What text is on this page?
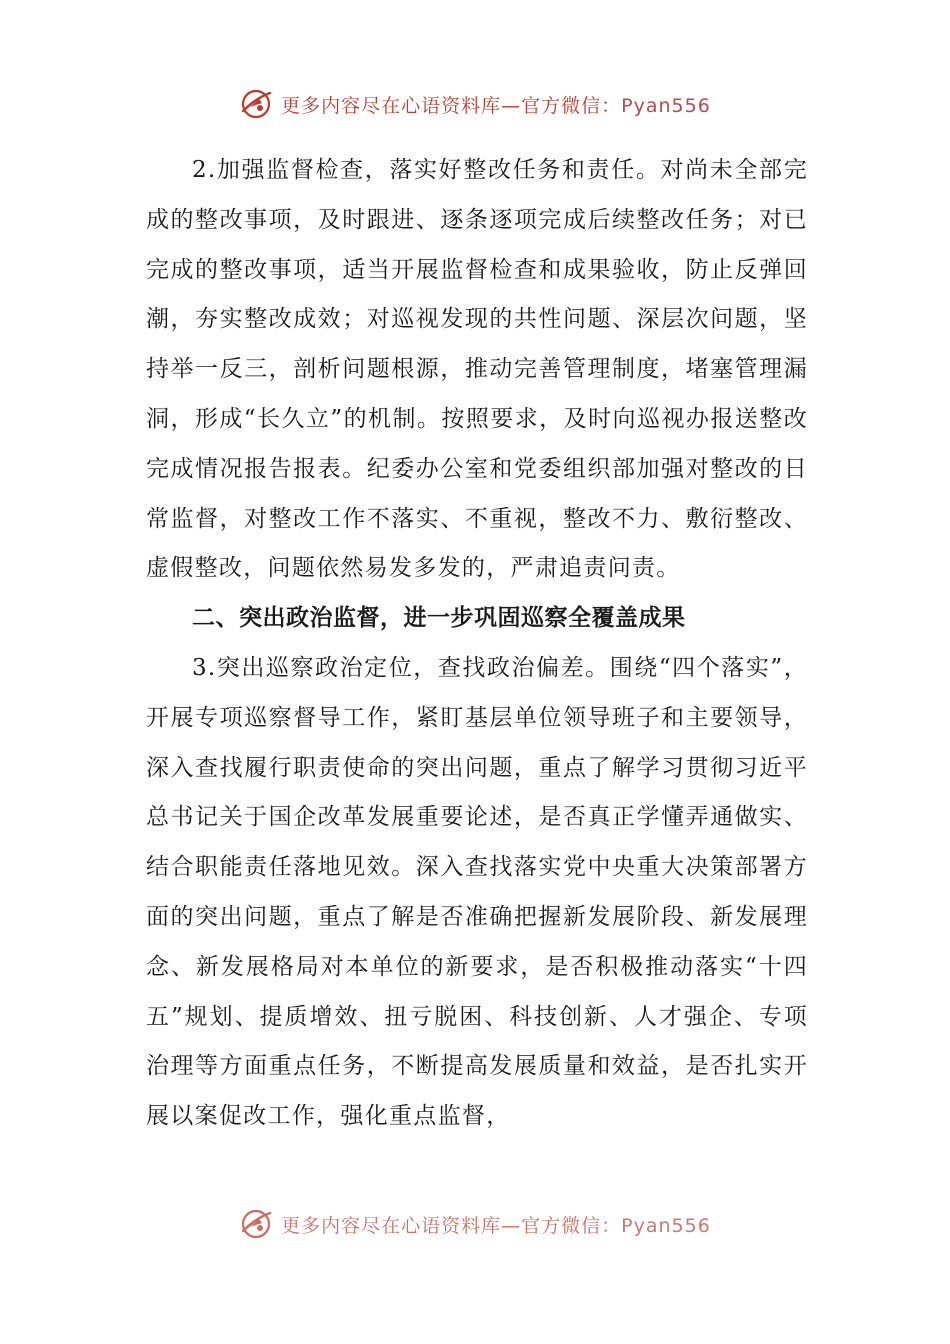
更多内容尽在心语资料库—官方微信：Pyan556

2.加强监督检查，落实好整改任务和责任。对尚未全部完成的整改事项，及时跟进、逐条逐项完成后续整改任务；对已完成的整改事项，适当开展监督检查和成果验收，防止反弹回潮，夯实整改成效；对巡视发现的共性问题、深层次问题，坚持举一反三，剖析问题根源，推动完善管理制度，堵塞管理漏洞，形成“长久立”的机制。按照要求，及时向巡视办报送整改完成情况报告报表。纪委办公室和党委组织部加强对整改的日常监督，对整改工作不落实、不重视，整改不力、敷衍整改、虚假整改，问题依然易发多发的，严肃追责问责。

二、突出政治监督，进一步巩固巡察全覆盖成果

3.突出巡察政治定位，查找政治偏差。围绕“四个落实”，开展专项巡察督导工作，紧盯基层单位领导班子和主要领导，深入查找履行职责使命的突出问题，重点了解学习贯彻习近平总书记关于国企改革发展重要论述，是否真正学懂弄通做实、结合职能责任落地见效。深入查找落实党中央重大决策部署方面的突出问题，重点了解是否准确把握新发展阶段、新发展理念、新发展格局对本单位的新要求，是否积极推动落实“十四五”规划、提质增效、扭亏脱困、科技创新、人才强企、专项治理等方面重点任务，不断提高发展质量和效益，是否扎实开展以案促改工作，强化重点监督，

更多内容尽在心语资料库—官方微信：Pyan556
